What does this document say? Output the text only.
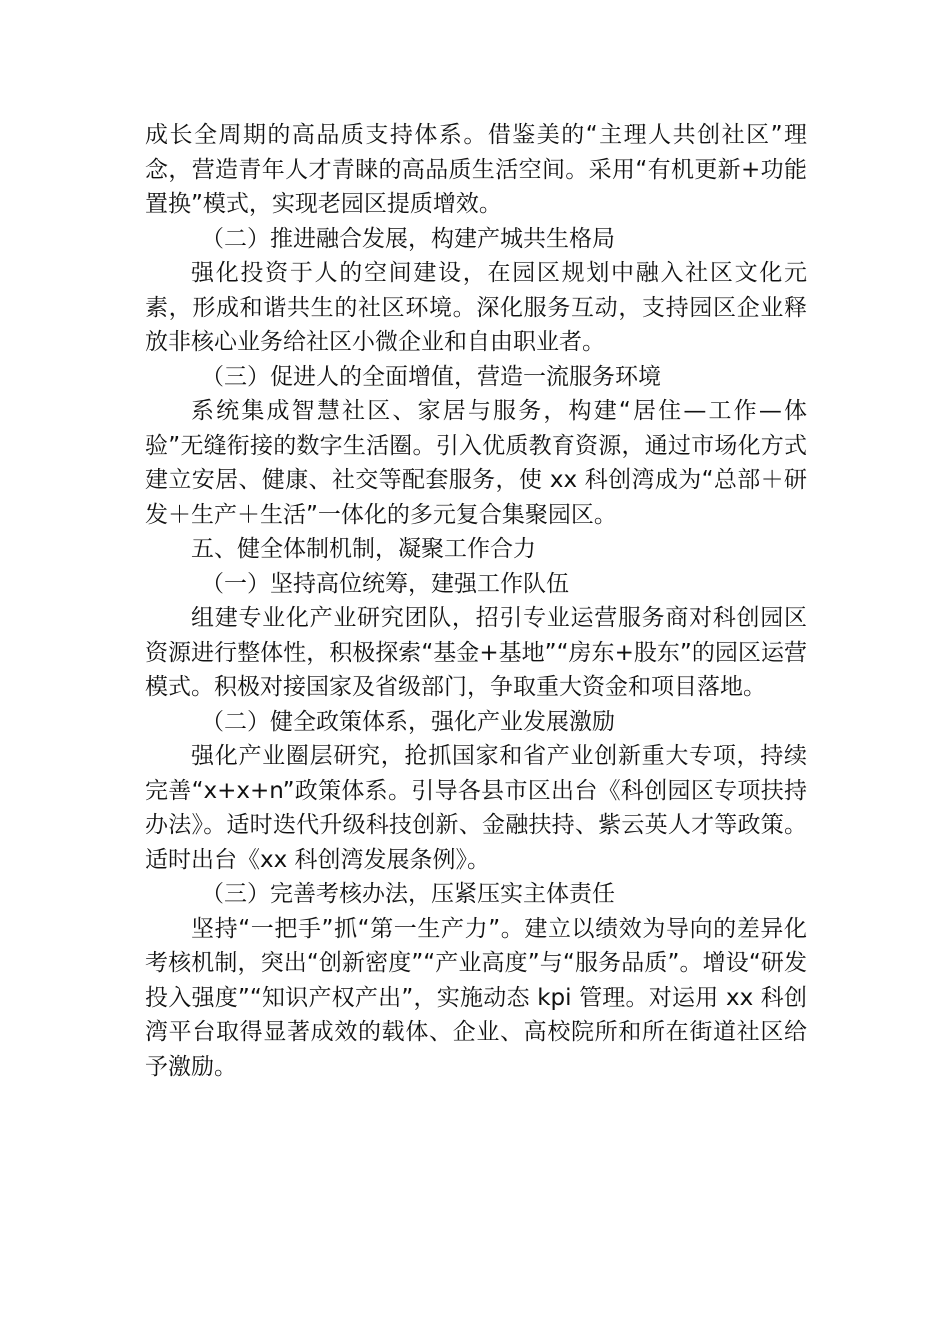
成长全周期的高品质支持体系。借鉴美的“主理人共创社区”理念，营造青年人才青睐的高品质生活空间。采用“有机更新+功能置换”模式，实现老园区提质增效。

（二）推进融合发展，构建产城共生格局

强化投资于人的空间建设，在园区规划中融入社区文化元素，形成和谐共生的社区环境。深化服务互动，支持园区企业释放非核心业务给社区小微企业和自由职业者。

（三）促进人的全面增值，营造一流服务环境

系统集成智慧社区、家居与服务，构建“居住—工作—体验”无缝衔接的数字生活圈。引入优质教育资源，通过市场化方式建立安居、健康、社交等配套服务，使 xx 科创湾成为“总部＋研发＋生产＋生活”一体化的多元复合集聚园区。

五、健全体制机制，凝聚工作合力

（一）坚持高位统筹，建强工作队伍

组建专业化产业研究团队，招引专业运营服务商对科创园区资源进行整体性，积极探索“基金+基地”“房东+股东”的园区运营模式。积极对接国家及省级部门，争取重大资金和项目落地。

（二）健全政策体系，强化产业发展激励

强化产业圈层研究，抢抓国家和省产业创新重大专项，持续完善“x+x+n”政策体系。引导各县市区出台《科创园区专项扶持办法》。适时迭代升级科技创新、金融扶持、紫云英人才等政策。适时出台《xx 科创湾发展条例》。

（三）完善考核办法，压紧压实主体责任

坚持“一把手”抓“第一生产力”。建立以绩效为导向的差异化考核机制，突出“创新密度”“产业高度”与“服务品质”。增设“研发投入强度”“知识产权产出”，实施动态 kpi 管理。对运用 xx 科创湾平台取得显著成效的载体、企业、高校院所和所在街道社区给予激励。
